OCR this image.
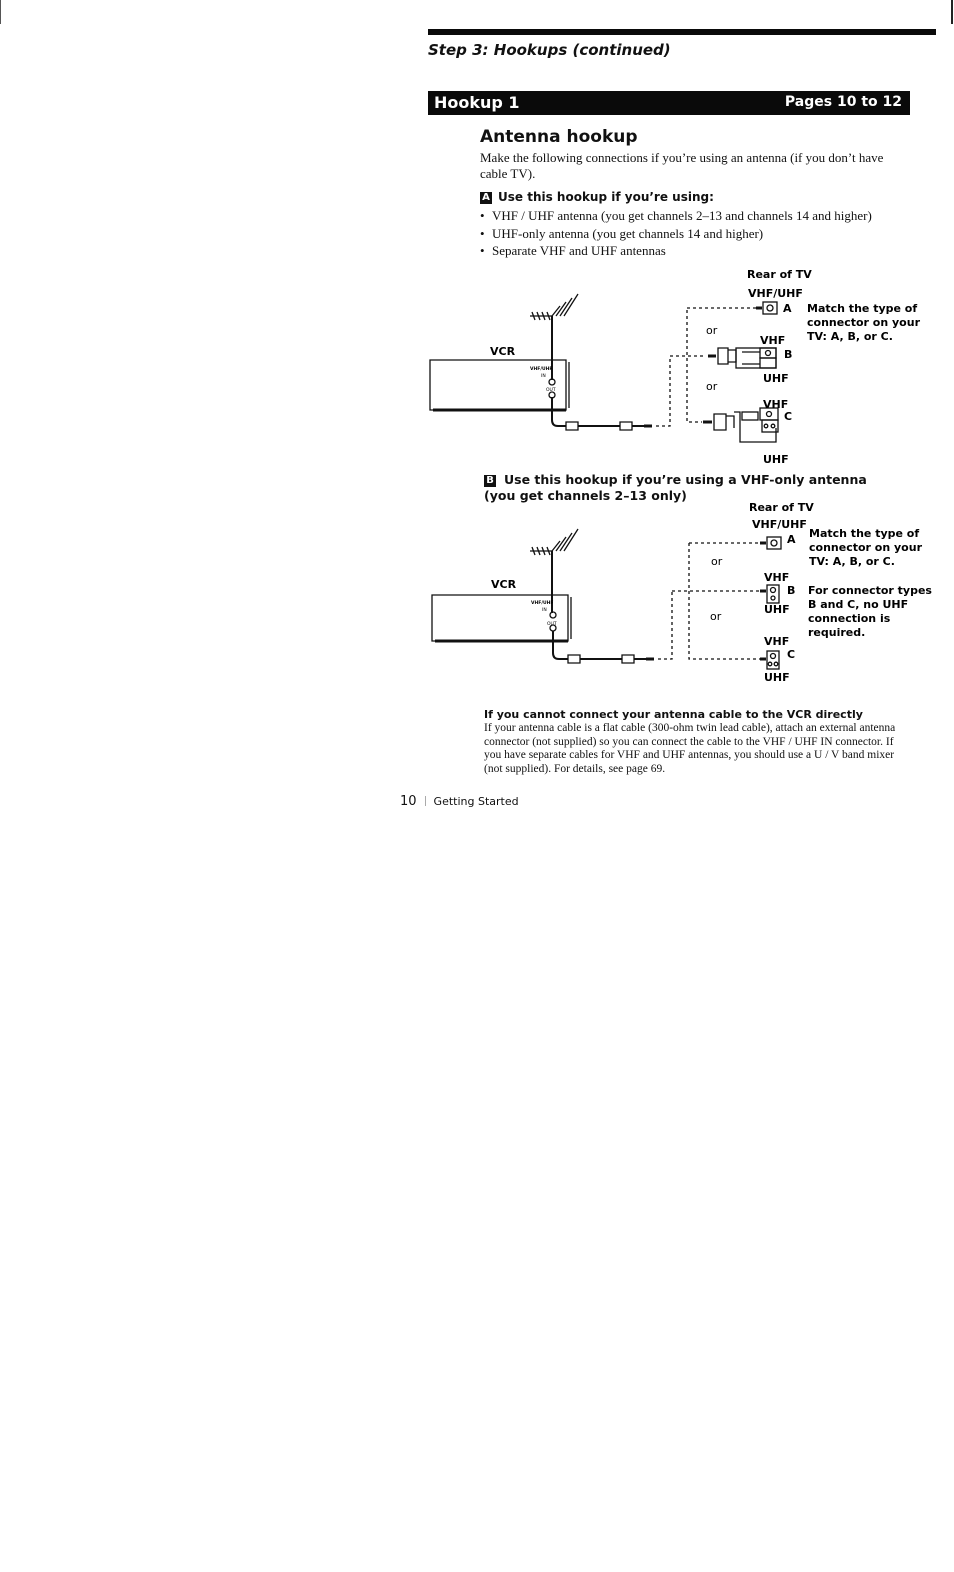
Step 3: Hookups (continued)
Hookup 1	Pages 10 to 12
Antenna hookup
Make the following connections if you’re using an antenna (if you don’t have cable TV).
A Use this hookup if you’re using:
• VHF / UHF antenna (you get channels 2–13 and channels 14 and higher)
• UHF-only antenna (you get channels 14 and higher)
• Separate VHF and UHF antennas
Rear of TV
VHF/UHF
A
or
VHF
B
UHF
or
VHF
C
UHF
VCR
VHF/UHF
IN
OUT
Match the type of
connector on your
TV: A, B, or C.
B Use this hookup if you’re using a VHF-only antenna (you get channels 2–13 only)
Rear of TV
VHF/UHF
A
or
VHF
B
UHF
or
VHF
C
UHF
VCR
VHF/UHF
IN
OUT
Match the type of
connector on your
TV: A, B, or C.
For connector types
B and C, no UHF
connection is
required.
If you cannot connect your antenna cable to the VCR directly
If your antenna cable is a flat cable (300-ohm twin lead cable), attach an external antenna connector (not supplied) so you can connect the cable to the VHF / UHF IN connector. If you have separate cables for VHF and UHF antennas, you should use a U / V band mixer (not supplied). For details, see page 69.
10 Getting Started
